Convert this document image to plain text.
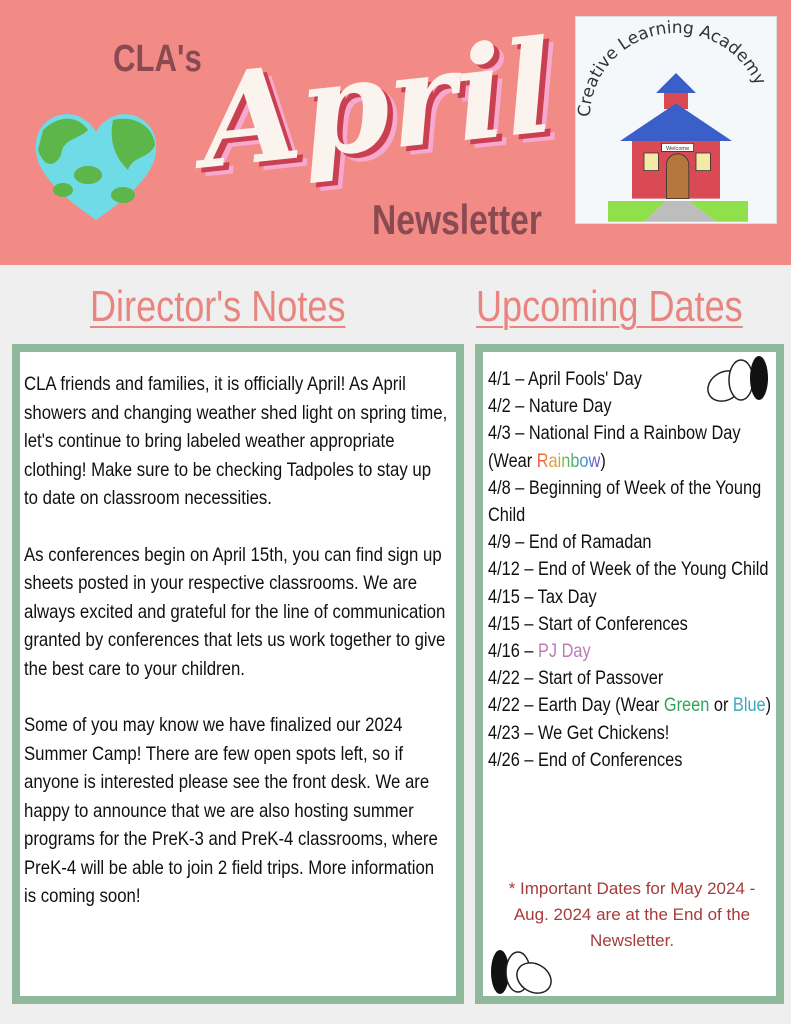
CLA's
April
Newsletter
Welcome
Creative Learning Academy
Director's Notes	Upcoming Dates

CLA friends and families, it is officially April! As April showers and changing weather shed light on spring time, let's continue to bring labeled weather appropriate clothing! Make sure to be checking Tadpoles to stay up to date on classroom necessities.

As conferences begin on April 15th, you can find sign up sheets posted in your respective classrooms. We are always excited and grateful for the line of communication granted by conferences that lets us work together to give the best care to your children.

Some of you may know we have finalized our 2024 Summer Camp! There are few open spots left, so if anyone is interested please see the front desk. We are happy to announce that we are also hosting summer programs for the PreK-3 and PreK-4 classrooms, where PreK-4 will be able to join 2 field trips. More information is coming soon!

4/1 – April Fools' Day
4/2 – Nature Day
4/3 – National Find a Rainbow Day (Wear Rainbow)
4/8 – Beginning of Week of the Young Child
4/9 – End of Ramadan
4/12 – End of Week of the Young Child
4/15 – Tax Day
4/15 – Start of Conferences
4/16 – PJ Day
4/22 – Start of Passover
4/22 – Earth Day (Wear Green or Blue)
4/23 – We Get Chickens!
4/26 – End of Conferences
* Important Dates for May 2024 - Aug. 2024 are at the End of the Newsletter.
